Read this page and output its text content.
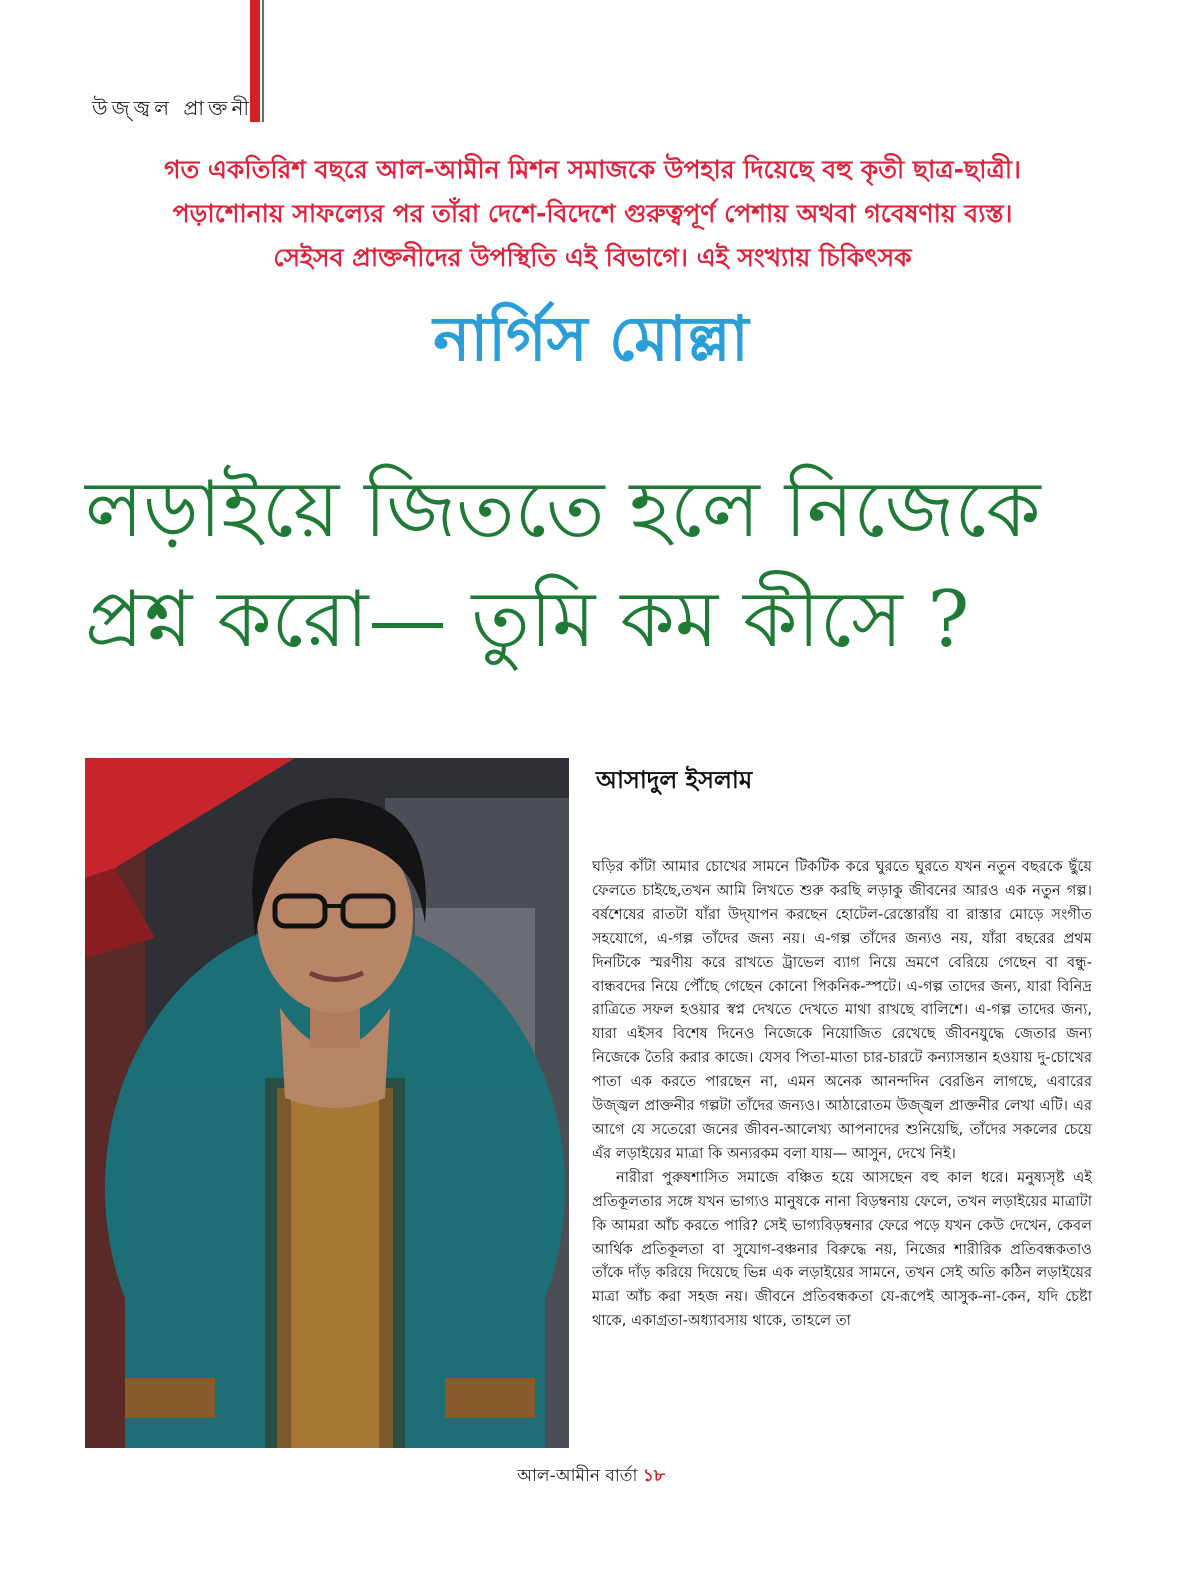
উজ্জ্বল প্রাক্তনী
গত একতিরিশ বছরে আল-আমীন মিশন সমাজকে উপহার দিয়েছে বহু কৃতী ছাত্র-ছাত্রী।
পড়াশোনায় সাফল্যের পর তাঁরা দেশে-বিদেশে গুরুত্বপূর্ণ পেশায় অথবা গবেষণায় ব্যস্ত।
সেইসব প্রাক্তনীদের উপস্থিতি এই বিভাগে। এই সংখ্যায় চিকিৎসক
নার্গিস মোল্লা
লড়াইয়ে জিততে হলে নিজেকে
প্রশ্ন করো— তুমি কম কীসে ?
আসাদুল ইসলাম

ঘড়ির কাঁটা আমার চোখের সামনে টিকটিক করে ঘুরতে ঘুরতে যখন নতুন বছরকে ছুঁয়ে ফেলতে চাইছে,তখন আমি লিখতে শুরু করছি লড়াকু জীবনের আরও এক নতুন গল্প। বর্ষশেষের রাতটা যাঁরা উদ্‌যাপন করছেন হোটেল-রেস্তোরাঁয় বা রাস্তার মোড়ে সংগীত সহযোগে, এ-গল্প তাঁদের জন্য নয়। এ-গল্প তাঁদের জন্যও নয়, যাঁরা বছরের প্রথম দিনটিকে স্মরণীয় করে রাখতে ট্রাভেল ব্যাগ নিয়ে ভ্রমণে বেরিয়ে গেছেন বা বন্ধু-বান্ধবদের নিয়ে পৌঁছে গেছেন কোনো পিকনিক-স্পটে। এ-গল্প তাদের জন্য, যারা বিনিদ্র রাত্রিতে সফল হওয়ার স্বপ্ন দেখতে দেখতে মাথা রাখছে বালিশে। এ-গল্প তাদের জন্য, যারা এইসব বিশেষ দিনেও নিজেকে নিয়োজিত রেখেছে জীবনযুদ্ধে জেতার জন্য নিজেকে তৈরি করার কাজে। যেসব পিতা-মাতা চার-চারটে কন্যাসন্তান হওয়ায় দু-চোখের পাতা এক করতে পারছেন না, এমন অনেক আনন্দদিন বেরঙিন লাগছে, এবারের উজ্জ্বল প্রাক্তনীর গল্পটা তাঁদের জন্যও। আঠারোতম উজ্জ্বল প্রাক্তনীর লেখা এটি। এর আগে যে সতেরো জনের জীবন-আলেখ্য আপনাদের শুনিয়েছি, তাঁদের সকলের চেয়ে এঁর লড়াইয়ের মাত্রা কি অন্যরকম বলা যায়— আসুন, দেখে নিই।

নারীরা পুরুষশাসিত সমাজে বঞ্চিত হয়ে আসছেন বহু কাল ধরে। মনুষ্যসৃষ্ট এই প্রতিকূলতার সঙ্গে যখন ভাগ্যও মানুষকে নানা বিড়ম্বনায় ফেলে, তখন লড়াইয়ের মাত্রাটা কি আমরা আঁচ করতে পারি? সেই ভাগ্যবিড়ম্বনার ফেরে পড়ে যখন কেউ দেখেন, কেবল আর্থিক প্রতিকূলতা বা সুযোগ-বঞ্চনার বিরুদ্ধে নয়, নিজের শারীরিক প্রতিবন্ধকতাও তাঁকে দাঁড় করিয়ে দিয়েছে ভিন্ন এক লড়াইয়ের সামনে, তখন সেই অতি কঠিন লড়াইয়ের মাত্রা আঁচ করা সহজ নয়। জীবনে প্রতিবন্ধকতা যে-রূপেই আসুক-না-কেন, যদি চেষ্টা থাকে, একাগ্রতা-অধ্যাবসায় থাকে, তাহলে তা

আল-আমীন বার্তা ১৮
